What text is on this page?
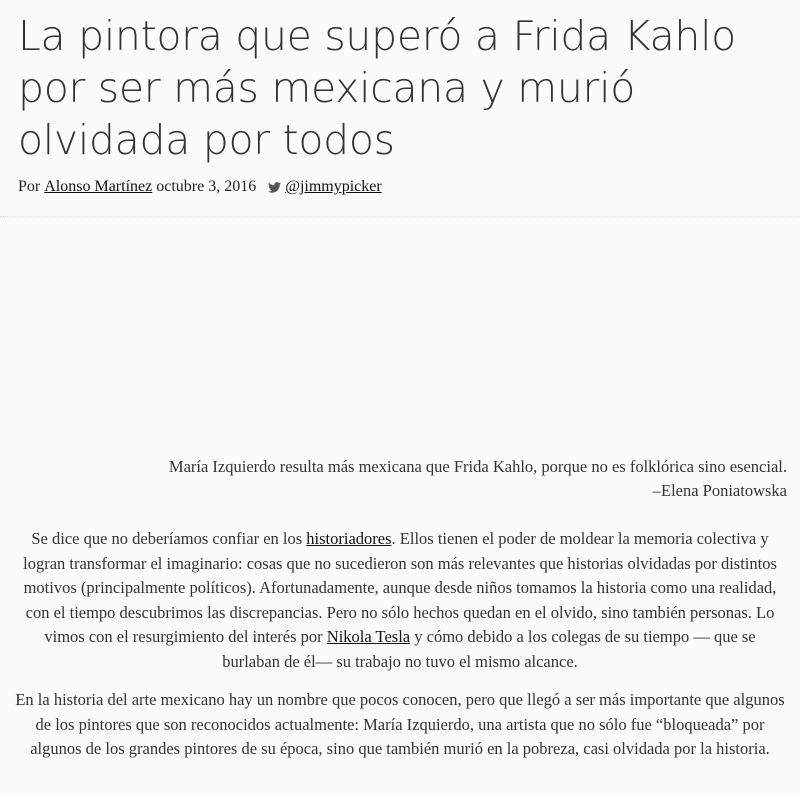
La pintora que superó a Frida Kahlo por ser más mexicana y murió olvidada por todos
Por Alonso Martínez octubre 3, 2016 @jimmypicker
María Izquierdo resulta más mexicana que Frida Kahlo, porque no es folklórica sino esencial.
–Elena Poniatowska

Se dice que no deberíamos confiar en los historiadores. Ellos tienen el poder de moldear la memoria colectiva y logran transformar el imaginario: cosas que no sucedieron son más relevantes que historias olvidadas por distintos motivos (principalmente políticos). Afortunadamente, aunque desde niños tomamos la historia como una realidad, con el tiempo descubrimos las discrepancias. Pero no sólo hechos quedan en el olvido, sino también personas. Lo vimos con el resurgimiento del interés por Nikola Tesla y cómo debido a los colegas de su tiempo — que se burlaban de él— su trabajo no tuvo el mismo alcance.

En la historia del arte mexicano hay un nombre que pocos conocen, pero que llegó a ser más importante que algunos de los pintores que son reconocidos actualmente: María Izquierdo, una artista que no sólo fue “bloqueada” por algunos de los grandes pintores de su época, sino que también murió en la pobreza, casi olvidada por la historia.
